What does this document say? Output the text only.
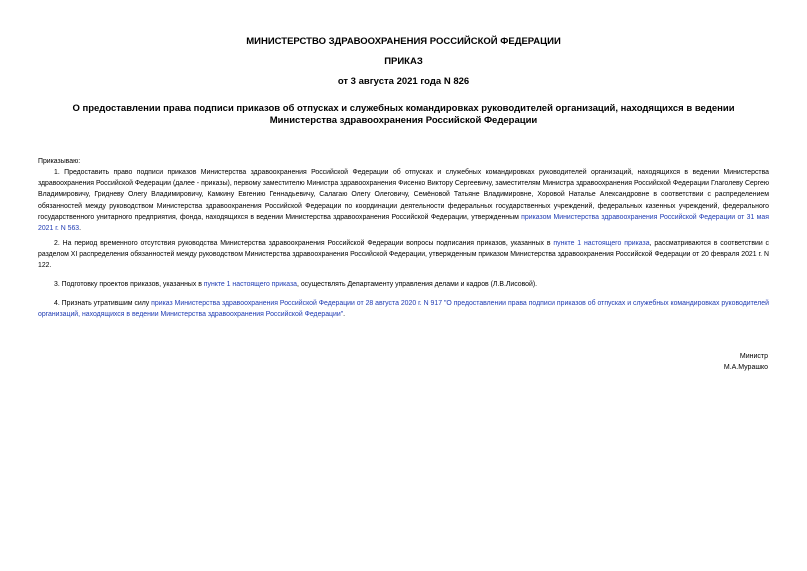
МИНИСТЕРСТВО ЗДРАВООХРАНЕНИЯ РОССИЙСКОЙ ФЕДЕРАЦИИ
ПРИКАЗ
от 3 августа 2021 года N 826
О предоставлении права подписи приказов об отпусках и служебных командировках руководителей организаций, находящихся в ведении Министерства здравоохранения Российской Федерации
Приказываю:

1. Предоставить право подписи приказов Министерства здравоохранения Российской Федерации об отпусках и служебных командировках руководителей организаций, находящихся в ведении Министерства здравоохранения Российской Федерации (далее - приказы), первому заместителю Министра здравоохранения Фисенко Виктору Сергеевичу, заместителям Министра здравоохранения Российской Федерации Глаголеву Сергею Владимировичу, Гридневу Олегу Владимировичу, Камкину Евгению Геннадьевичу, Салагаю Олегу Олеговичу, Семёновой Татьяне Владимировне, Хоровой Наталье Александровне в соответствии с распределением обязанностей между руководством Министерства здравоохранения Российской Федерации по координации деятельности федеральных государственных учреждений, федеральных казенных учреждений, федерального государственного унитарного предприятия, фонда, находящихся в ведении Министерства здравоохранения Российской Федерации, утвержденным приказом Министерства здравоохранения Российской Федерации от 31 мая 2021 г. N 563.

2. На период временного отсутствия руководства Министерства здравоохранения Российской Федерации вопросы подписания приказов, указанных в пункте 1 настоящего приказа, рассматриваются в соответствии с разделом XI распределения обязанностей между руководством Министерства здравоохранения Российской Федерации, утвержденным приказом Министерства здравоохранения Российской Федерации от 20 февраля 2021 г. N 122.

3. Подготовку проектов приказов, указанных в пункте 1 настоящего приказа, осуществлять Департаменту управления делами и кадров (Л.В.Лисовой).

4. Признать утратившим силу приказ Министерства здравоохранения Российской Федерации от 28 августа 2020 г. N 917 "О предоставлении права подписи приказов об отпусках и служебных командировках руководителей организаций, находящихся в ведении Министерства здравоохранения Российской Федерации".

Министр
М.А.Мурашко
